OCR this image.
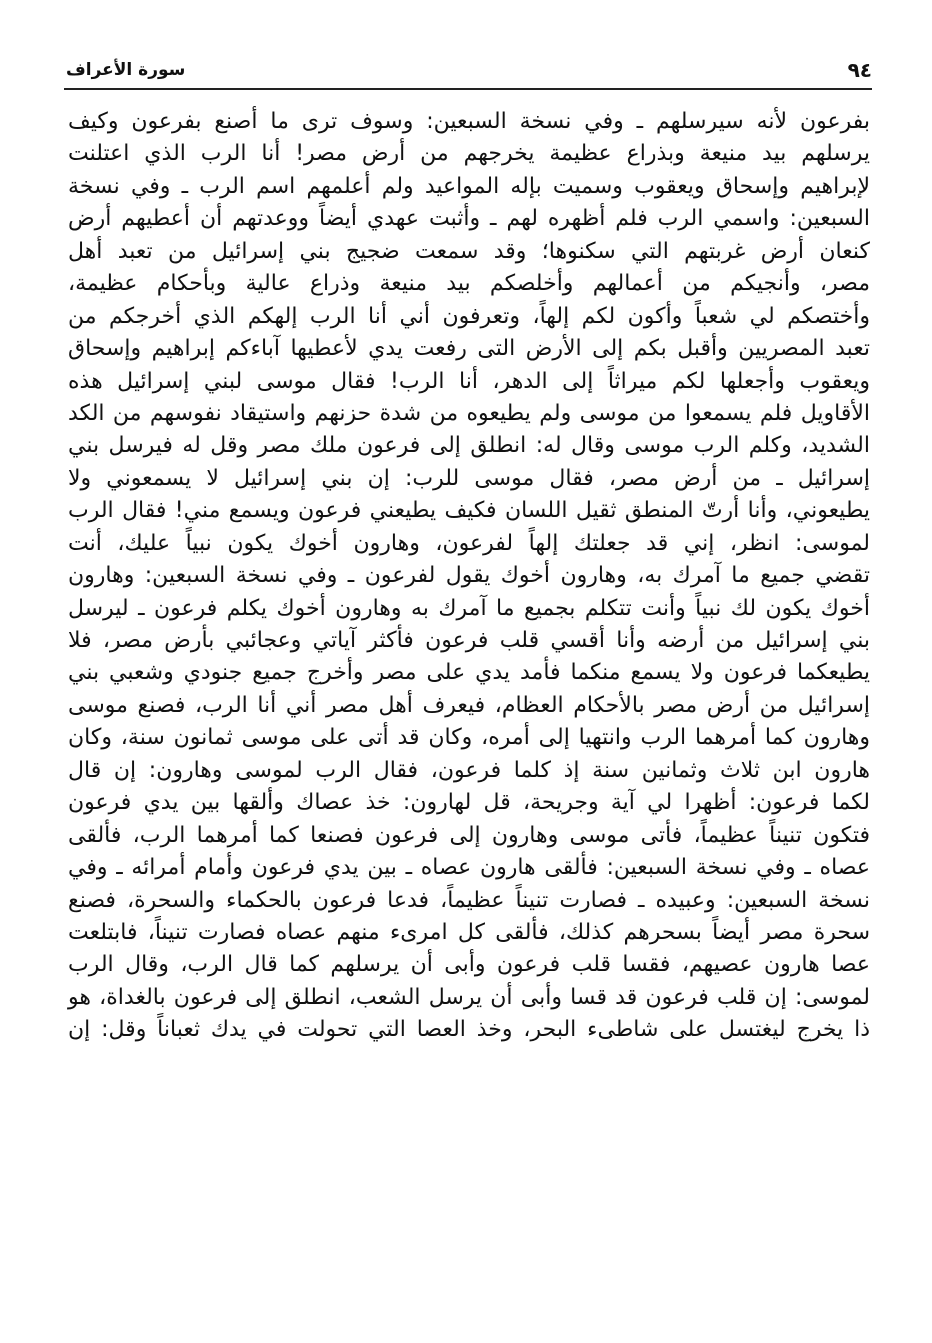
٩٤
سورة الأعراف
بفرعون لأنه سيرسلهم ـ وفي نسخة السبعين: وسوف ترى ما أصنع بفرعون وكيف
يرسلهم بيد منيعة وبذراع عظيمة يخرجهم من أرض مصر! أنا الرب الذي اعتلنت
لإبراهيم وإسحاق ويعقوب وسميت بإله المواعيد ولم أعلمهم اسم الرب ـ وفي نسخة
السبعين: واسمي الرب فلم أظهره لهم ـ وأثبت عهدي أيضاً ووعدتهم أن أعطيهم أرض
كنعان أرض غربتهم التي سكنوها؛ وقد سمعت ضجيج بني إسرائيل من تعبد أهل
مصر، وأنجيكم من أعمالهم وأخلصكم بيد منيعة وذراع عالية وبأحكام عظيمة،
وأختصكم لي شعباً وأكون لكم إلهاً، وتعرفون أني أنا الرب إلهكم الذي أخرجكم من
تعبد المصريين وأقبل بكم إلى الأرض التى رفعت يدي لأعطيها آباءكم إبراهيم وإسحاق
ويعقوب وأجعلها لكم ميراثاً إلى الدهر، أنا الرب! فقال موسى لبني إسرائيل هذه
الأقاويل فلم يسمعوا من موسى ولم يطيعوه من شدة حزنهم واستيقاد نفوسهم من الكد
الشديد، وكلم الرب موسى وقال له: انطلق إلى فرعون ملك مصر وقل له فيرسل بني
إسرائيل ـ من أرض مصر، فقال موسى للرب: إن بني إسرائيل لا يسمعوني ولا
يطيعوني، وأنا أرتّ المنطق ثقيل اللسان فكيف يطيعني فرعون ويسمع مني! فقال الرب
لموسى: انظر، إني قد جعلتك إلهاً لفرعون، وهارون أخوك يكون نبياً عليك، أنت
تقضي جميع ما آمرك به، وهارون أخوك يقول لفرعون ـ وفي نسخة السبعين: وهارون
أخوك يكون لك نبياً وأنت تتكلم بجميع ما آمرك به وهارون أخوك يكلم فرعون ـ ليرسل
بني إسرائيل من أرضه وأنا أقسي قلب فرعون فأكثر آياتي وعجائبي بأرض مصر، فلا
يطيعكما فرعون ولا يسمع منكما فأمد يدي على مصر وأخرج جميع جنودي وشعبي بني
إسرائيل من أرض مصر بالأحكام العظام، فيعرف أهل مصر أني أنا الرب، فصنع موسى
وهارون كما أمرهما الرب وانتهيا إلى أمره، وكان قد أتى على موسى ثمانون سنة، وكان
هارون ابن ثلاث وثمانين سنة إذ كلما فرعون، فقال الرب لموسى وهارون: إن قال
لكما فرعون: أظهرا لي آية وجريحة، قل لهارون: خذ عصاك وألقها بين يدي فرعون
فتكون تنيناً عظيماً، فأتى موسى وهارون إلى فرعون فصنعا كما أمرهما الرب، فألقى
عصاه ـ وفي نسخة السبعين: فألقى هارون عصاه ـ بين يدي فرعون وأمام أمرائه ـ وفي
نسخة السبعين: وعبيده ـ فصارت تنيناً عظيماً، فدعا فرعون بالحكماء والسحرة، فصنع
سحرة مصر أيضاً بسحرهم كذلك، فألقى كل امرىء منهم عصاه فصارت تنيناً، فابتلعت
عصا هارون عصيهم، فقسا قلب فرعون وأبى أن يرسلهم كما قال الرب، وقال الرب
لموسى: إن قلب فرعون قد قسا وأبى أن يرسل الشعب، انطلق إلى فرعون بالغداة، هو
ذا يخرج ليغتسل على شاطىء البحر، وخذ العصا التي تحولت في يدك ثعباناً وقل: إن
